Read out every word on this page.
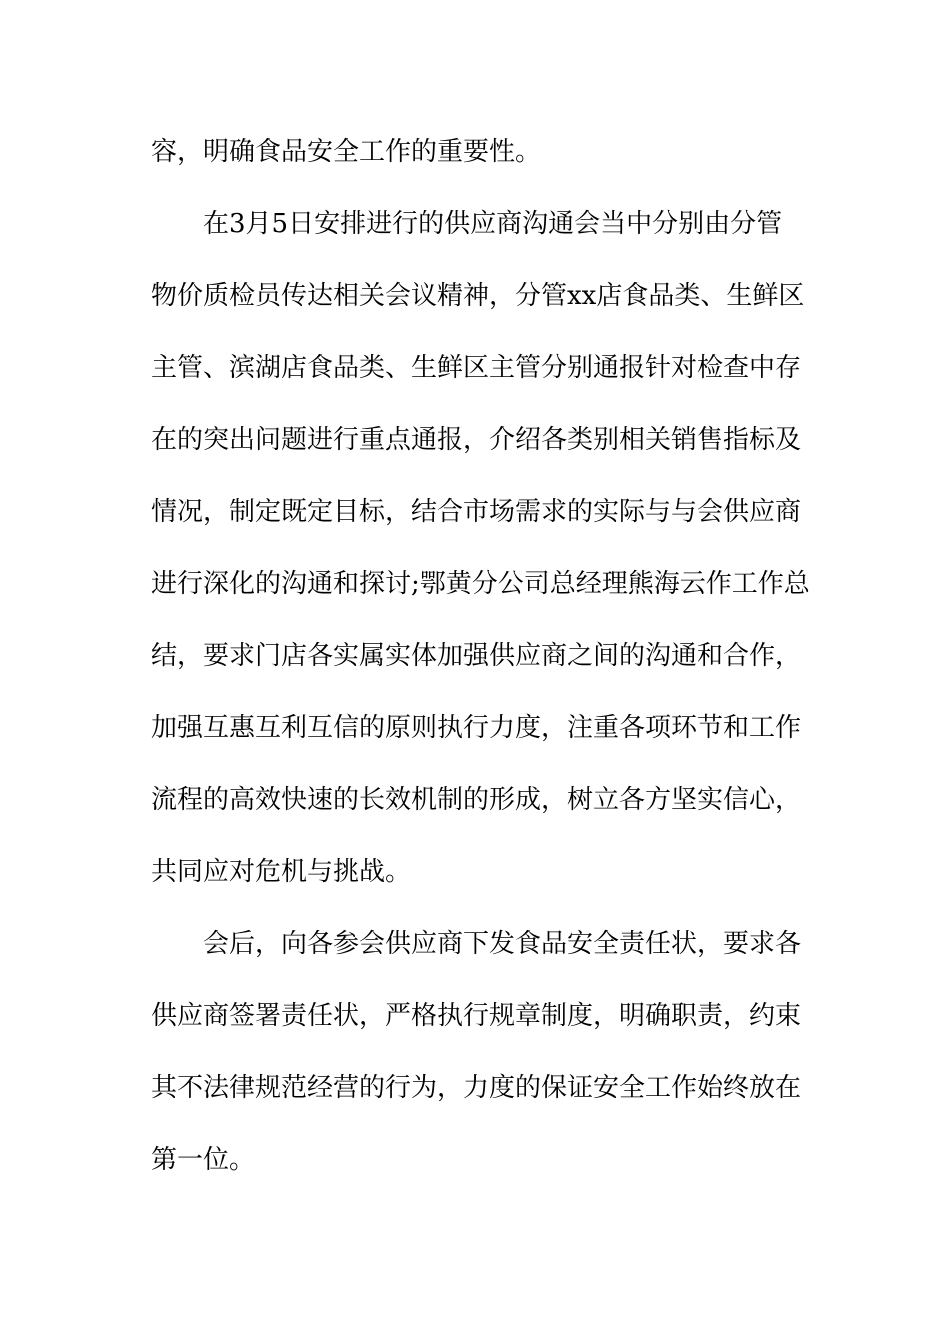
容，明确食品安全工作的重要性。
在3月5日安排进行的供应商沟通会当中分别由分管
物价质检员传达相关会议精神，分管xx店食品类、生鲜区
主管、滨湖店食品类、生鲜区主管分别通报针对检查中存
在的突出问题进行重点通报，介绍各类别相关销售指标及
情况，制定既定目标，结合市场需求的实际与与会供应商
进行深化的沟通和探讨;鄂黄分公司总经理熊海云作工作总
结，要求门店各实属实体加强供应商之间的沟通和合作，
加强互惠互利互信的原则执行力度，注重各项环节和工作
流程的高效快速的长效机制的形成，树立各方坚实信心，
共同应对危机与挑战。
会后，向各参会供应商下发食品安全责任状，要求各
供应商签署责任状，严格执行规章制度，明确职责，约束
其不法律规范经营的行为，力度的保证安全工作始终放在
第一位。
